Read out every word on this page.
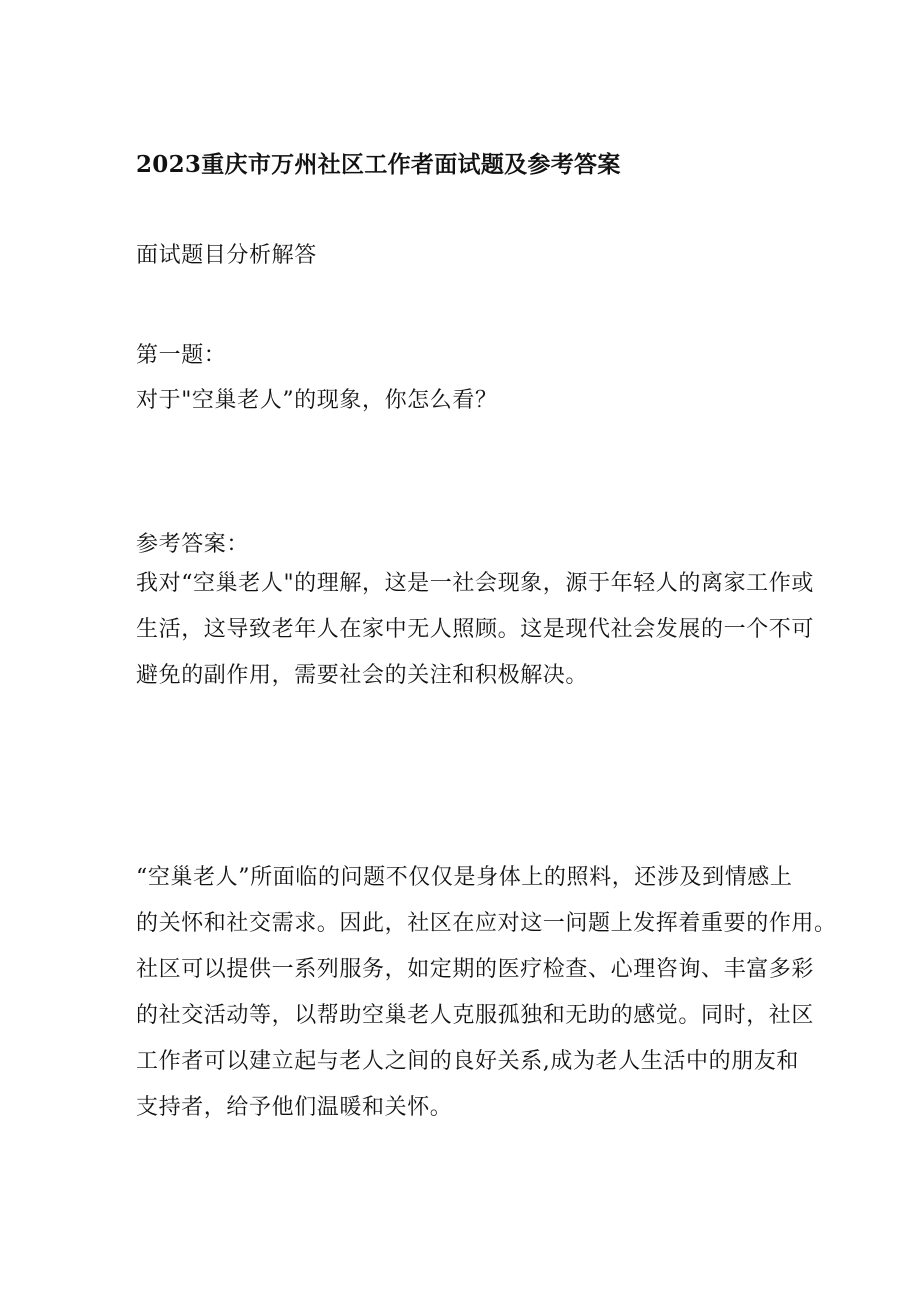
2023重庆市万州社区工作者面试题及参考答案
面试题目分析解答
第一题：
对于"空巢老人”的现象，你怎么看？
参考答案：
我对“空巢老人"的理解，这是一社会现象，源于年轻人的离家工作或
生活，这导致老年人在家中无人照顾。这是现代社会发展的一个不可
避免的副作用，需要社会的关注和积极解决。
“空巢老人”所面临的问题不仅仅是身体上的照料，还涉及到情感上
的关怀和社交需求。因此，社区在应对这一问题上发挥着重要的作用。
社区可以提供一系列服务，如定期的医疗检查、心理咨询、丰富多彩
的社交活动等，以帮助空巢老人克服孤独和无助的感觉。同时，社区
工作者可以建立起与老人之间的良好关系,成为老人生活中的朋友和
支持者，给予他们温暖和关怀。
